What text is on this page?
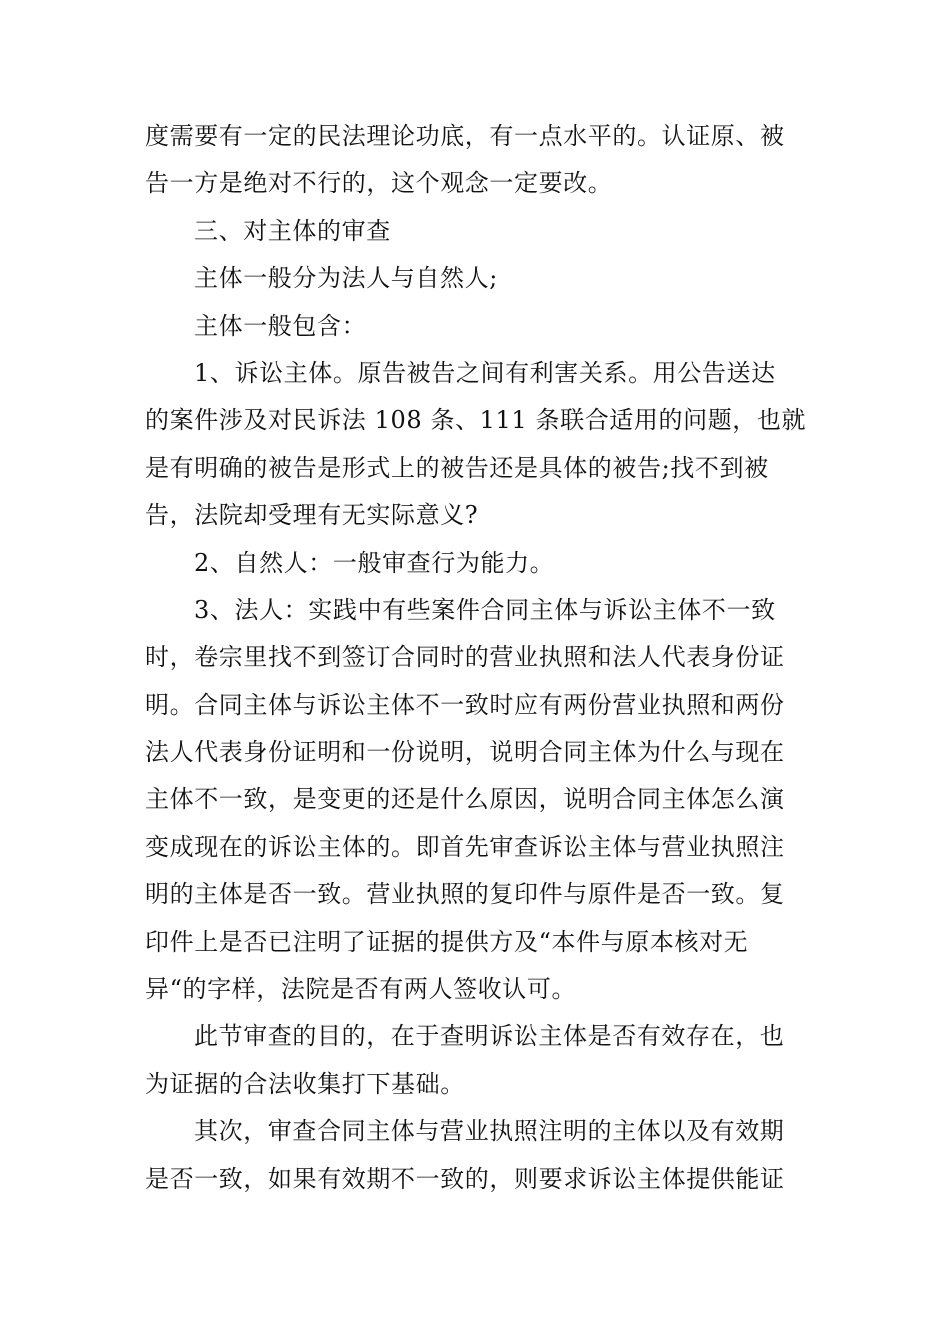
度需要有一定的民法理论功底，有一点水平的。认证原、被
告一方是绝对不行的，这个观念一定要改。
三、对主体的审查
主体一般分为法人与自然人;
主体一般包含：
1、诉讼主体。原告被告之间有利害关系。用公告送达
的案件涉及对民诉法 108 条、111 条联合适用的问题，也就
是有明确的被告是形式上的被告还是具体的被告;找不到被
告，法院却受理有无实际意义?
2、自然人：一般审查行为能力。
3、法人：实践中有些案件合同主体与诉讼主体不一致
时，卷宗里找不到签订合同时的营业执照和法人代表身份证
明。合同主体与诉讼主体不一致时应有两份营业执照和两份
法人代表身份证明和一份说明，说明合同主体为什么与现在
主体不一致，是变更的还是什么原因，说明合同主体怎么演
变成现在的诉讼主体的。即首先审查诉讼主体与营业执照注
明的主体是否一致。营业执照的复印件与原件是否一致。复
印件上是否已注明了证据的提供方及“本件与原本核对无
异“的字样，法院是否有两人签收认可。
此节审查的目的，在于查明诉讼主体是否有效存在，也
为证据的合法收集打下基础。
其次，审查合同主体与营业执照注明的主体以及有效期
是否一致，如果有效期不一致的，则要求诉讼主体提供能证
